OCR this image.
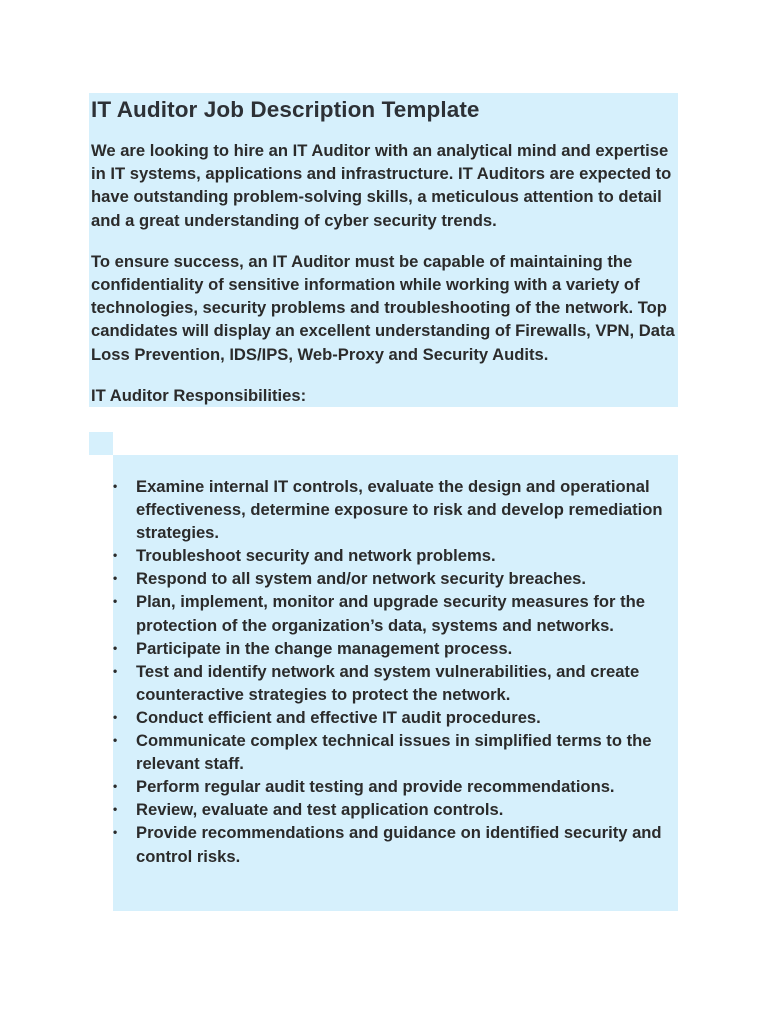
IT Auditor Job Description Template

We are looking to hire an IT Auditor with an analytical mind and expertise in IT systems, applications and infrastructure. IT Auditors are expected to have outstanding problem-solving skills, a meticulous attention to detail and a great understanding of cyber security trends.

To ensure success, an IT Auditor must be capable of maintaining the confidentiality of sensitive information while working with a variety of technologies, security problems and troubleshooting of the network. Top candidates will display an excellent understanding of Firewalls, VPN, Data Loss Prevention, IDS/IPS, Web-Proxy and Security Audits.

IT Auditor Responsibilities:

• Examine internal IT controls, evaluate the design and operational effectiveness, determine exposure to risk and develop remediation strategies.
• Troubleshoot security and network problems.
• Respond to all system and/or network security breaches.
• Plan, implement, monitor and upgrade security measures for the protection of the organization’s data, systems and networks.
• Participate in the change management process.
• Test and identify network and system vulnerabilities, and create counteractive strategies to protect the network.
• Conduct efficient and effective IT audit procedures.
• Communicate complex technical issues in simplified terms to the relevant staff.
• Perform regular audit testing and provide recommendations.
• Review, evaluate and test application controls.
• Provide recommendations and guidance on identified security and control risks.
